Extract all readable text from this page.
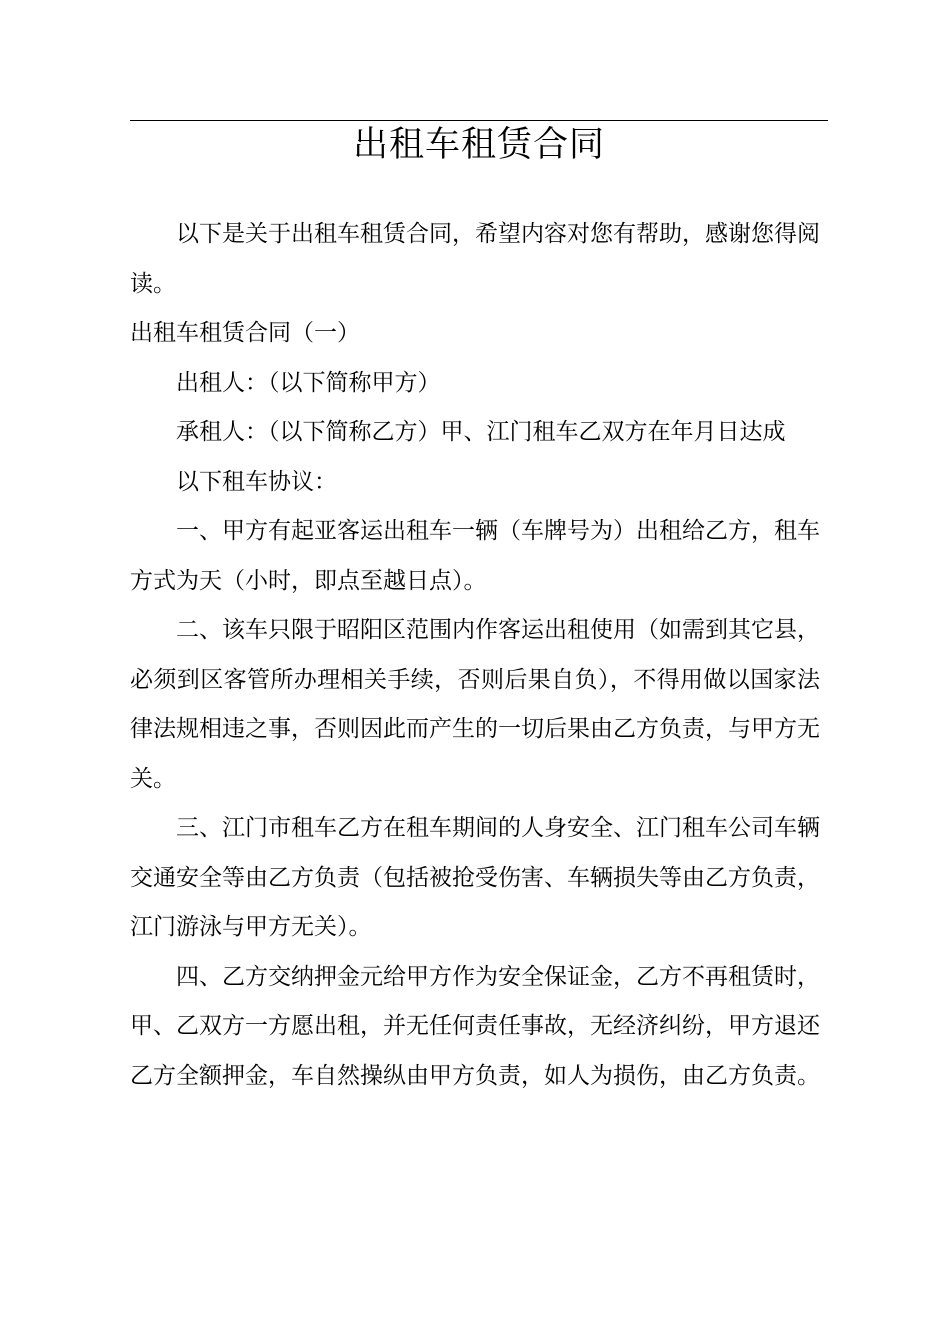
出租车租赁合同

以下是关于出租车租赁合同，希望内容对您有帮助，感谢您得阅读。

出租车租赁合同（一）

出租人：（以下简称甲方）

承租人：（以下简称乙方）甲、江门租车乙双方在年月日达成

以下租车协议：

一、甲方有起亚客运出租车一辆（车牌号为）出租给乙方，租车方式为天（小时，即点至越日点）。

二、该车只限于昭阳区范围内作客运出租使用（如需到其它县，必须到区客管所办理相关手续，否则后果自负），不得用做以国家法律法规相违之事，否则因此而产生的一切后果由乙方负责，与甲方无关。

三、江门市租车乙方在租车期间的人身安全、江门租车公司车辆交通安全等由乙方负责（包括被抢受伤害、车辆损失等由乙方负责，江门游泳与甲方无关）。

四、乙方交纳押金元给甲方作为安全保证金，乙方不再租赁时，甲、乙双方一方愿出租，并无任何责任事故，无经济纠纷，甲方退还乙方全额押金，车自然操纵由甲方负责，如人为损伤，由乙方负责。
